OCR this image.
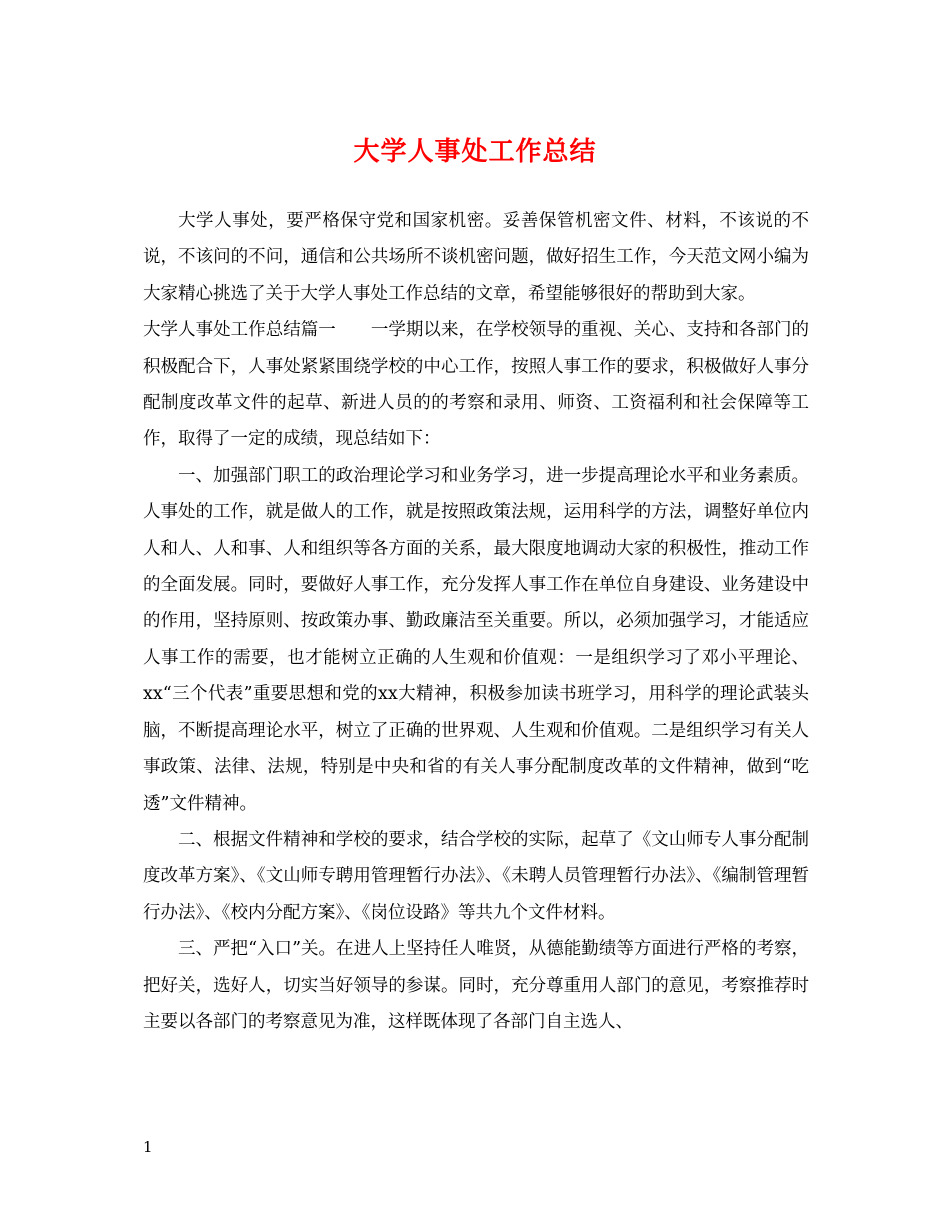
大学人事处工作总结

大学人事处，要严格保守党和国家机密。妥善保管机密文件、材料，不该说的不说，不该问的不问，通信和公共场所不谈机密问题，做好招生工作，今天范文网小编为大家精心挑选了关于大学人事处工作总结的文章，希望能够很好的帮助到大家。

大学人事处工作总结篇一　　一学期以来，在学校领导的重视、关心、支持和各部门的积极配合下，人事处紧紧围绕学校的中心工作，按照人事工作的要求，积极做好人事分配制度改革文件的起草、新进人员的的考察和录用、师资、工资福利和社会保障等工作，取得了一定的成绩，现总结如下：

一、加强部门职工的政治理论学习和业务学习，进一步提高理论水平和业务素质。人事处的工作，就是做人的工作，就是按照政策法规，运用科学的方法，调整好单位内人和人、人和事、人和组织等各方面的关系，最大限度地调动大家的积极性，推动工作的全面发展。同时，要做好人事工作，充分发挥人事工作在单位自身建设、业务建设中的作用，坚持原则、按政策办事、勤政廉洁至关重要。所以，必须加强学习，才能适应人事工作的需要，也才能树立正确的人生观和价值观：一是组织学习了邓小平理论、xx“三个代表”重要思想和党的xx大精神，积极参加读书班学习，用科学的理论武装头脑，不断提高理论水平，树立了正确的世界观、人生观和价值观。二是组织学习有关人事政策、法律、法规，特别是中央和省的有关人事分配制度改革的文件精神，做到“吃透”文件精神。

二、根据文件精神和学校的要求，结合学校的实际，起草了《文山师专人事分配制度改革方案》、《文山师专聘用管理暂行办法》、《未聘人员管理暂行办法》、《编制管理暂行办法》、《校内分配方案》、《岗位设路》等共九个文件材料。

三、严把“入口”关。在进人上坚持任人唯贤，从德能勤绩等方面进行严格的考察，把好关，选好人，切实当好领导的参谋。同时，充分尊重用人部门的意见，考察推荐时主要以各部门的考察意见为准，这样既体现了各部门自主选人、

1
